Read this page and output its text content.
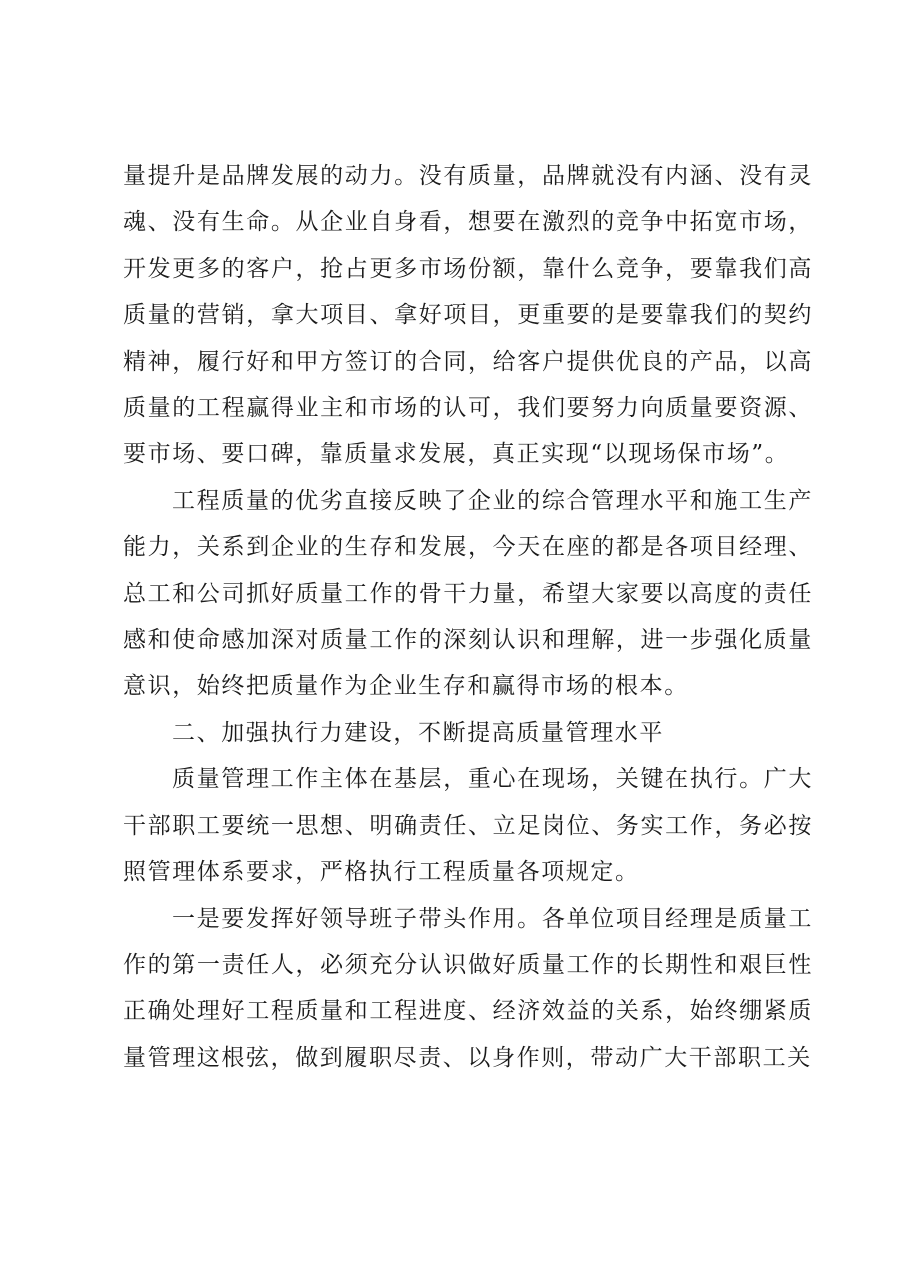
量提升是品牌发展的动力。没有质量，品牌就没有内涵、没有灵魂、没有生命。从企业自身看，想要在激烈的竞争中拓宽市场，开发更多的客户，抢占更多市场份额，靠什么竞争，要靠我们高质量的营销，拿大项目、拿好项目，更重要的是要靠我们的契约精神，履行好和甲方签订的合同，给客户提供优良的产品，以高质量的工程赢得业主和市场的认可，我们要努力向质量要资源、要市场、要口碑，靠质量求发展，真正实现“以现场保市场”。

工程质量的优劣直接反映了企业的综合管理水平和施工生产能力，关系到企业的生存和发展，今天在座的都是各项目经理、总工和公司抓好质量工作的骨干力量，希望大家要以高度的责任感和使命感加深对质量工作的深刻认识和理解，进一步强化质量意识，始终把质量作为企业生存和赢得市场的根本。

二、加强执行力建设，不断提高质量管理水平

质量管理工作主体在基层，重心在现场，关键在执行。广大干部职工要统一思想、明确责任、立足岗位、务实工作，务必按照管理体系要求，严格执行工程质量各项规定。

一是要发挥好领导班子带头作用。各单位项目经理是质量工作的第一责任人，必须充分认识做好质量工作的长期性和艰巨性正确处理好工程质量和工程进度、经济效益的关系，始终绷紧质量管理这根弦，做到履职尽责、以身作则，带动广大干部职工关
